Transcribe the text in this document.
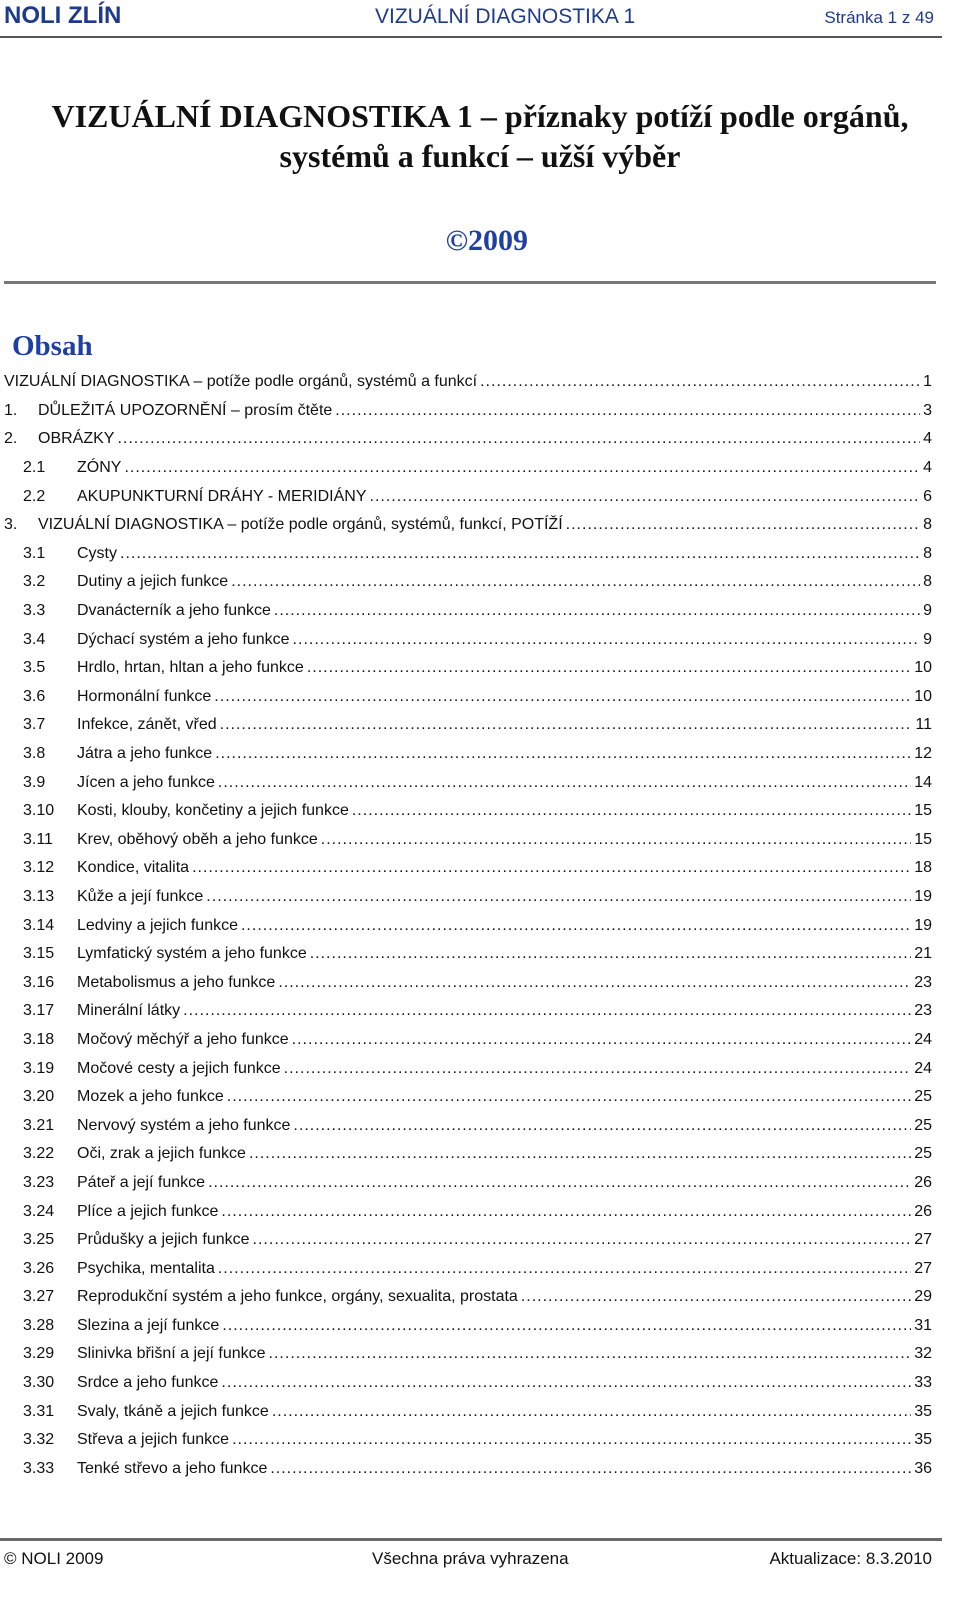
NOLI ZLÍN	VIZUÁLNÍ DIAGNOSTIKA 1	Stránka 1 z 49
VIZUÁLNÍ DIAGNOSTIKA 1 – příznaky potíží podle orgánů,
systémů a funkcí – užší výběr
©2009
Obsah
VIZUÁLNÍ DIAGNOSTIKA – potíže podle orgánů, systémů a funkcí .....	1
1.	DŮLEŽITÁ UPOZORNĚNÍ – prosím čtěte .....	3
2.	OBRÁZKY .....	4
2.1	ZÓNY .....	4
2.2	AKUPUNKTURNÍ DRÁHY - MERIDIÁNY .....	6
3.	VIZUÁLNÍ DIAGNOSTIKA – potíže podle orgánů, systémů, funkcí, POTÍŽÍ .....	8
3.1	Cysty .....	8
3.2	Dutiny a jejich funkce .....	8
3.3	Dvanácterník a jeho funkce .....	9
3.4	Dýchací systém a jeho funkce .....	9
3.5	Hrdlo, hrtan, hltan a jeho funkce .....	10
3.6	Hormonální funkce .....	10
3.7	Infekce, zánět, vřed .....	11
3.8	Játra a jeho funkce .....	12
3.9	Jícen a jeho funkce .....	14
3.10	Kosti, klouby, končetiny a jejich funkce .....	15
3.11	Krev, oběhový oběh a jeho funkce .....	15
3.12	Kondice, vitalita .....	18
3.13	Kůže a její funkce .....	19
3.14	Ledviny a jejich funkce .....	19
3.15	Lymfatický systém a jeho funkce .....	21
3.16	Metabolismus a jeho funkce .....	23
3.17	Minerální látky .....	23
3.18	Močový měchýř a jeho funkce .....	24
3.19	Močové cesty a jejich funkce .....	24
3.20	Mozek a jeho funkce .....	25
3.21	Nervový systém a jeho funkce .....	25
3.22	Oči, zrak a jejich funkce .....	25
3.23	Páteř a její funkce .....	26
3.24	Plíce a jejich funkce .....	26
3.25	Průdušky a jejich funkce .....	27
3.26	Psychika, mentalita .....	27
3.27	Reprodukční systém a jeho funkce, orgány, sexualita, prostata .....	29
3.28	Slezina a její funkce .....	31
3.29	Slinivka břišní a její funkce .....	32
3.30	Srdce a jeho funkce .....	33
3.31	Svaly, tkáně a jejich funkce .....	35
3.32	Střeva a jejich funkce .....	35
3.33	Tenké střevo a jeho funkce .....	36
© NOLI 2009	Všechna práva vyhrazena	Aktualizace: 8.3.2010
